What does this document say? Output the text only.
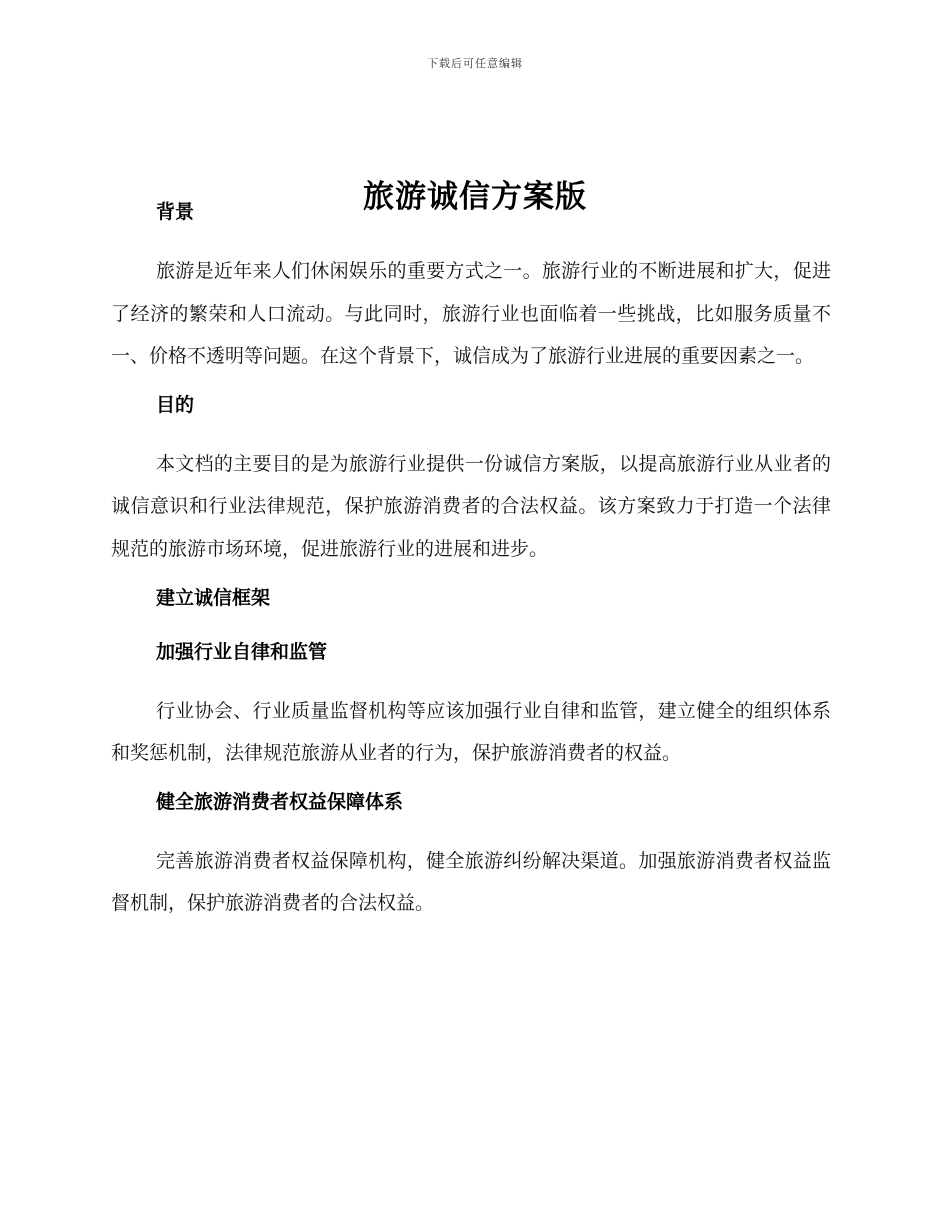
下载后可任意编辑
旅游诚信方案版
背景

旅游是近年来人们休闲娱乐的重要方式之一。旅游行业的不断进展和扩大，促进了经济的繁荣和人口流动。与此同时，旅游行业也面临着一些挑战，比如服务质量不一、价格不透明等问题。在这个背景下，诚信成为了旅游行业进展的重要因素之一。

目的

本文档的主要目的是为旅游行业提供一份诚信方案版，以提高旅游行业从业者的诚信意识和行业法律规范，保护旅游消费者的合法权益。该方案致力于打造一个法律规范的旅游市场环境，促进旅游行业的进展和进步。

建立诚信框架
加强行业自律和监管

行业协会、行业质量监督机构等应该加强行业自律和监管，建立健全的组织体系和奖惩机制，法律规范旅游从业者的行为，保护旅游消费者的权益。

健全旅游消费者权益保障体系

完善旅游消费者权益保障机构，健全旅游纠纷解决渠道。加强旅游消费者权益监督机制，保护旅游消费者的合法权益。
